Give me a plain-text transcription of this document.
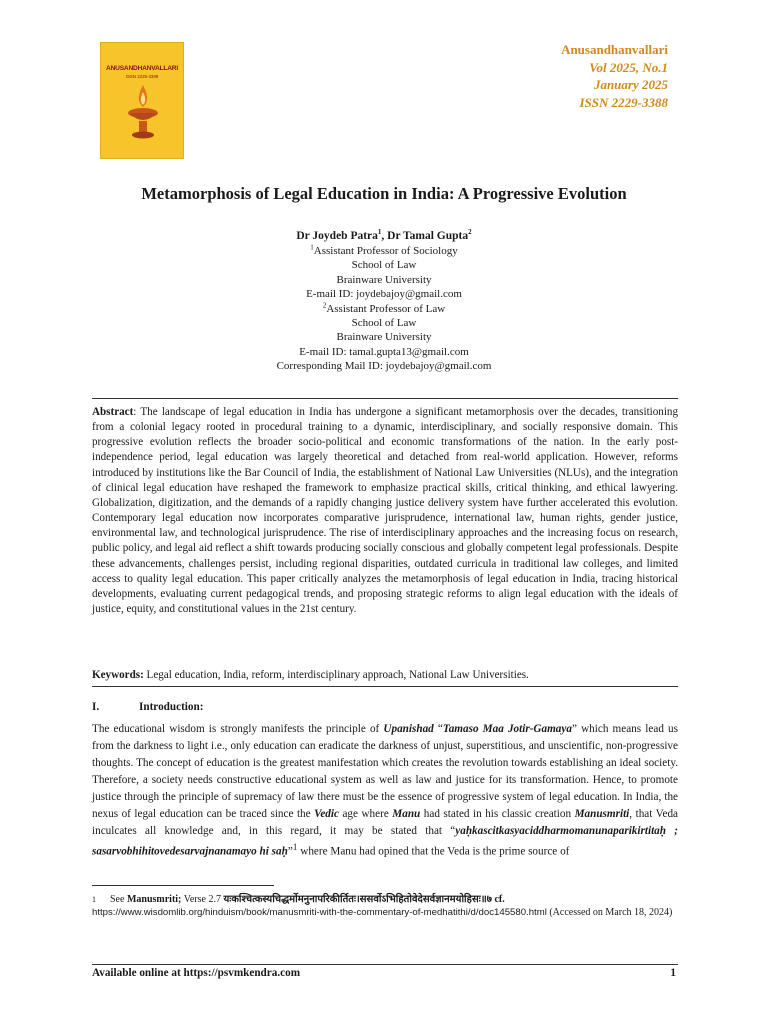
ANUSANDHANVALLARI
ISSN 2229-3388
Anusandhanvallari
Vol 2025, No.1
January 2025
ISSN 2229-3388
Metamorphosis of Legal Education in India: A Progressive Evolution
Dr Joydeb Patra$^1$, Dr Tamal Gupta$^2$
$^1$Assistant Professor of Sociology
School of Law
Brainware University
E-mail ID: joydebajoy@gmail.com
$^2$Assistant Professor of Law
School of Law
Brainware University
E-mail ID: tamal.gupta13@gmail.com
Corresponding Mail ID: joydebajoy@gmail.com

Abstract: The landscape of legal education in India has undergone a significant metamorphosis over the decades, transitioning from a colonial legacy rooted in procedural training to a dynamic, interdisciplinary, and socially responsive domain. This progressive evolution reflects the broader socio-political and economic transformations of the nation. In the early post-independence period, legal education was largely theoretical and detached from real-world application. However, reforms introduced by institutions like the Bar Council of India, the establishment of National Law Universities (NLUs), and the integration of clinical legal education have reshaped the framework to emphasize practical skills, critical thinking, and ethical lawyering. Globalization, digitization, and the demands of a rapidly changing justice delivery system have further accelerated this evolution. Contemporary legal education now incorporates comparative jurisprudence, international law, human rights, gender justice, environmental law, and technological jurisprudence. The rise of interdisciplinary approaches and the increasing focus on research, public policy, and legal aid reflect a shift towards producing socially conscious and globally competent legal professionals. Despite these advancements, challenges persist, including regional disparities, outdated curricula in traditional law colleges, and limited access to quality legal education. This paper critically analyzes the metamorphosis of legal education in India, tracing historical developments, evaluating current pedagogical trends, and proposing strategic reforms to align legal education with the ideals of justice, equity, and constitutional values in the 21st century.

Keywords: Legal education, India, reform, interdisciplinary approach, National Law Universities.

I.	Introduction:

The educational wisdom is strongly manifests the principle of Upanishad “Tamaso Maa Jotir-Gamaya” which means lead us from the darkness to light i.e., only education can eradicate the darkness of unjust, superstitious, and unscientific, non-progressive thoughts. The concept of education is the greatest manifestation which creates the revolution towards establishing an ideal society. Therefore, a society needs constructive educational system as well as law and justice for its transformation. Hence, to promote justice through the principle of supremacy of law there must be the essence of progressive system of legal education. In India, the nexus of legal education can be traced since the Vedic age where Manu had stated in his classic creation Manusmriti, that Veda inculcates all knowledge and, in this regard, it may be stated that “yaḥkascitkasyaciddharmomanunaparikirtitaḥ ; sasarvobhihitovedesarvajnanamayo hi saḥ”$^1$ where Manu had opined that the Veda is the prime source of

1 See Manusmriti; Verse 2.7 यःकश्चित्कस्यचिद्धर्मोमनुनापरिकीर्तितः।ससर्वोऽभिहितोवेदेसर्वज्ञानमयोहिसः॥७ cf.
https://www.wisdomlib.org/hinduism/book/manusmriti-with-the-commentary-of-medhatithi/d/doc145580.html (Accessed on March 18, 2024)

Available online at https://psvmkendra.com	1
